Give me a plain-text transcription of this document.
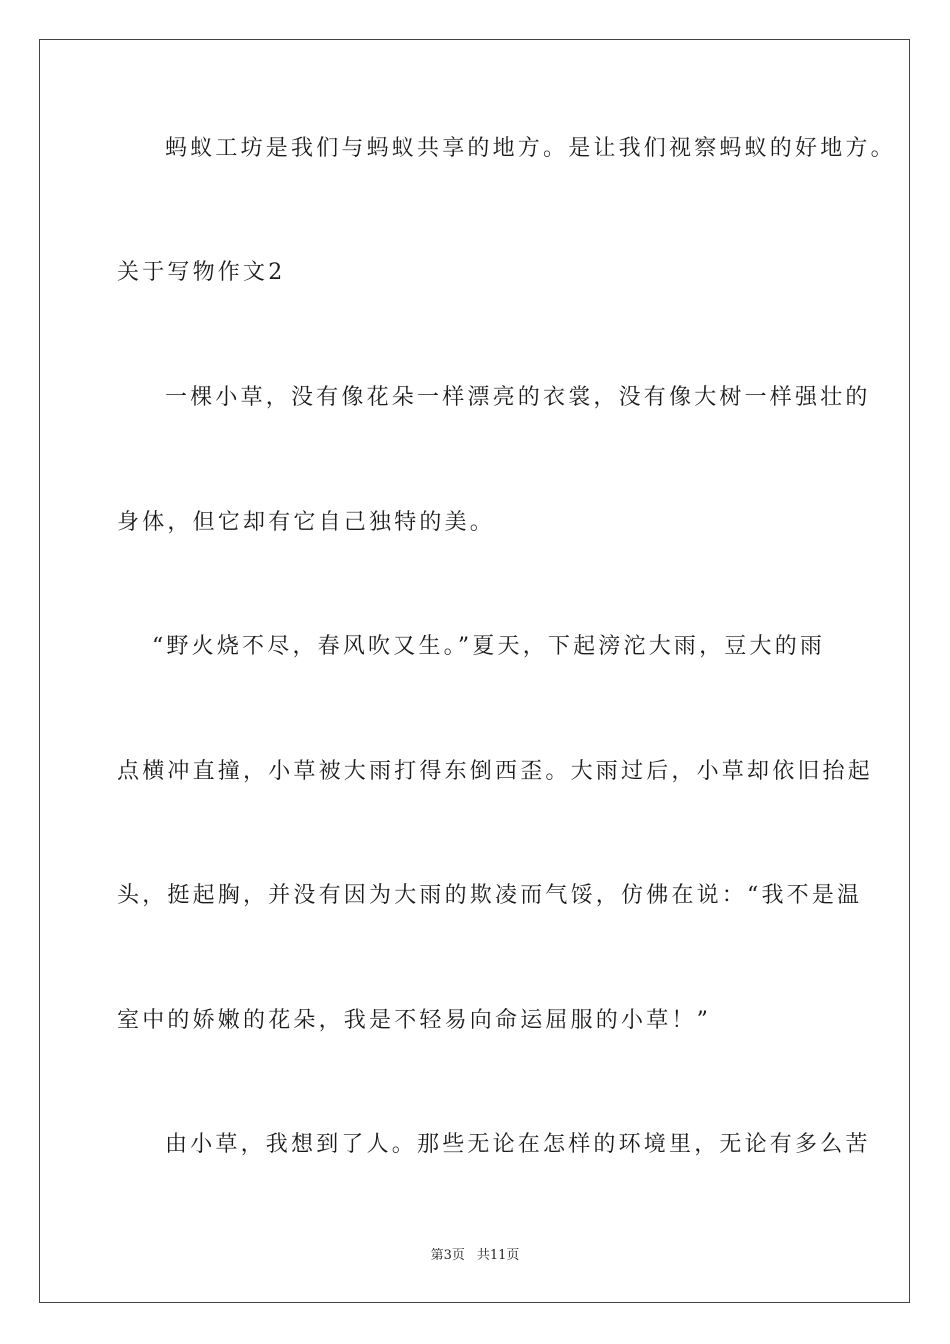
蚂蚁工坊是我们与蚂蚁共享的地方。是让我们视察蚂蚁的好地方。
关于写物作文2
一棵小草，没有像花朵一样漂亮的衣裳，没有像大树一样强壮的
身体，但它却有它自己独特的美。
“野火烧不尽，春风吹又生。”夏天，下起滂沱大雨，豆大的雨
点横冲直撞，小草被大雨打得东倒西歪。大雨过后，小草却依旧抬起
头，挺起胸，并没有因为大雨的欺凌而气馁，仿佛在说：“我不是温
室中的娇嫩的花朵，我是不轻易向命运屈服的小草！”
由小草，我想到了人。那些无论在怎样的环境里，无论有多么苦
第3页 共11页
